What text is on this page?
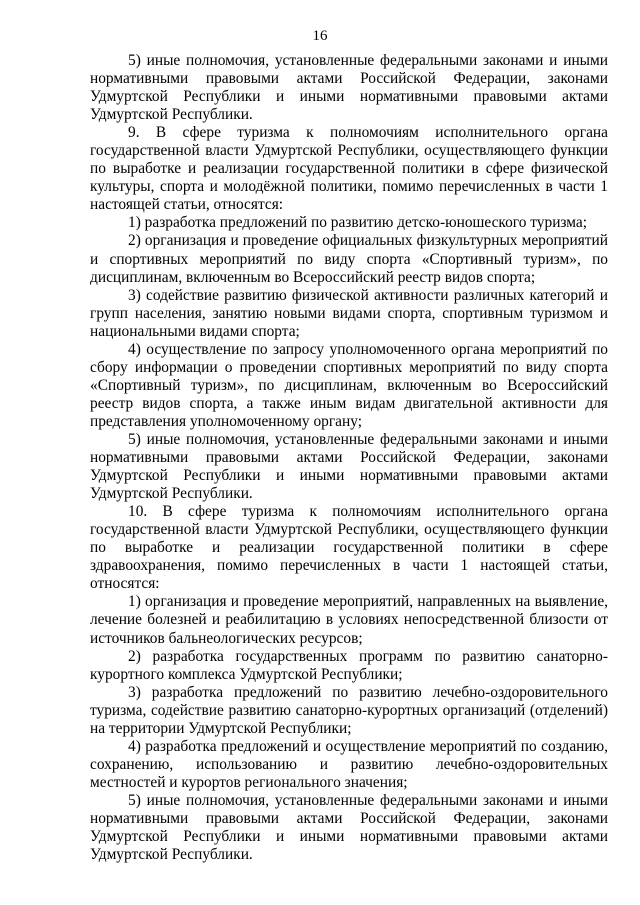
16

5) иные полномочия, установленные федеральными законами и иными нормативными правовыми актами Российской Федерации, законами Удмуртской Республики и иными нормативными правовыми актами Удмуртской Республики.

9. В сфере туризма к полномочиям исполнительного органа государственной власти Удмуртской Республики, осуществляющего функции по выработке и реализации государственной политики в сфере физической культуры, спорта и молодёжной политики, помимо перечисленных в части 1 настоящей статьи, относятся:

1) разработка предложений по развитию детско-юношеского туризма;

2) организация и проведение официальных физкультурных мероприятий и спортивных мероприятий по виду спорта «Спортивный туризм», по дисциплинам, включенным во Всероссийский реестр видов спорта;

3) содействие развитию физической активности различных категорий и групп населения, занятию новыми видами спорта, спортивным туризмом и национальными видами спорта;

4) осуществление по запросу уполномоченного органа мероприятий по сбору информации о проведении спортивных мероприятий по виду спорта «Спортивный туризм», по дисциплинам, включенным во Всероссийский реестр видов спорта, а также иным видам двигательной активности для представления уполномоченному органу;

5) иные полномочия, установленные федеральными законами и иными нормативными правовыми актами Российской Федерации, законами Удмуртской Республики и иными нормативными правовыми актами Удмуртской Республики.

10. В сфере туризма к полномочиям исполнительного органа государственной власти Удмуртской Республики, осуществляющего функции по выработке и реализации государственной политики в сфере здравоохранения, помимо перечисленных в части 1 настоящей статьи, относятся:

1) организация и проведение мероприятий, направленных на выявление, лечение болезней и реабилитацию в условиях непосредственной близости от источников бальнеологических ресурсов;

2) разработка государственных программ по развитию санаторно-курортного комплекса Удмуртской Республики;

3) разработка предложений по развитию лечебно-оздоровительного туризма, содействие развитию санаторно-курортных организаций (отделений) на территории Удмуртской Республики;

4) разработка предложений и осуществление мероприятий по созданию, сохранению, использованию и развитию лечебно-оздоровительных местностей и курортов регионального значения;

5) иные полномочия, установленные федеральными законами и иными нормативными правовыми актами Российской Федерации, законами Удмуртской Республики и иными нормативными правовыми актами Удмуртской Республики.
